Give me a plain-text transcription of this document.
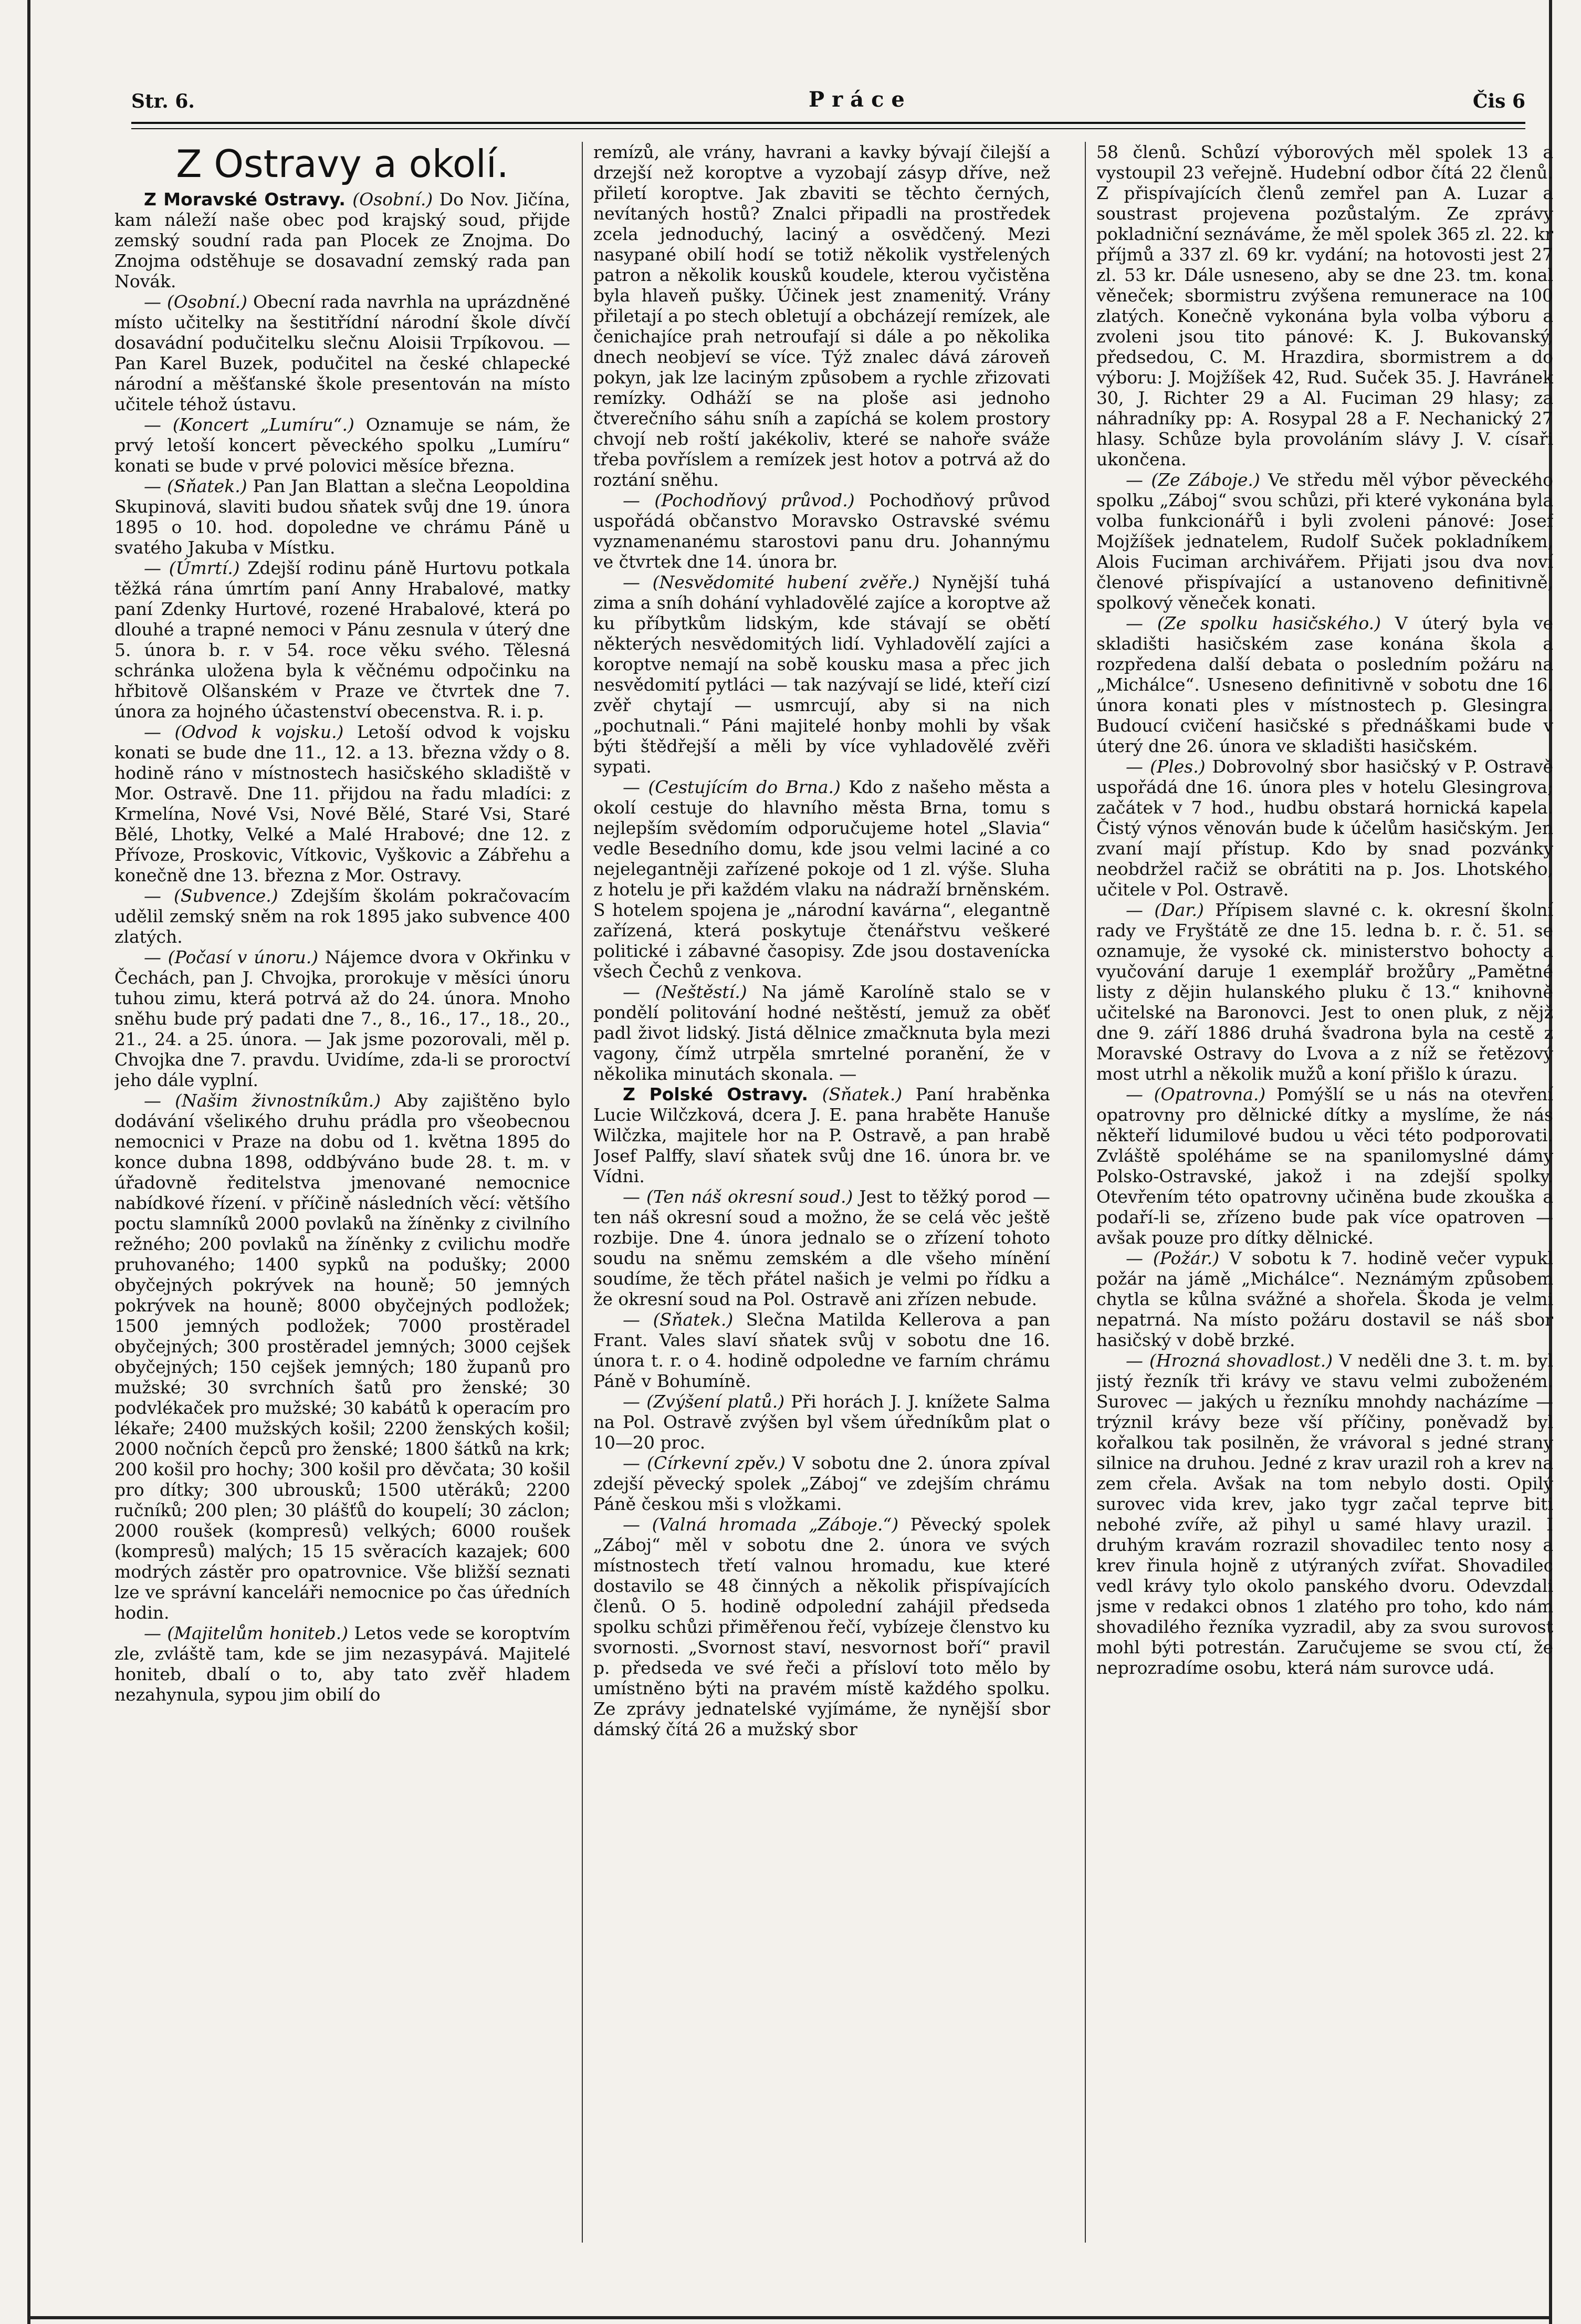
Str. 6.	Práce	Čis 6
Z Ostravy a okolí.

Z Moravské Ostravy. (Osobní.) Do Nov. Jičína, kam náleží naše obec pod krajský soud, přijde zemský soudní rada pan Plocek ze Znojma. Do Znojma odstěhuje se dosavadní zemský rada pan Novák.

— (Osobní.) Obecní rada navrhla na uprázdněné místo učitelky na šestitřídní národní škole dívčí dosavádní podučitelku slečnu Aloisii Trpíkovou. — Pan Karel Buzek, podučitel na české chlapecké národní a měšťanské škole presentován na místo učitele téhož ústavu.

— (Koncert „Lumíru“.) Oznamuje se nám, že prvý letoší koncert pěveckého spolku „Lumíru“ konati se bude v prvé polovici měsíce března.

— (Sňatek.) Pan Jan Blattan a slečna Leopoldina Skupinová, slaviti budou sňatek svůj dne 19. února 1895 o 10. hod. dopoledne ve chrámu Páně u svatého Jakuba v Místku.

— (Úmrtí.) Zdejší rodinu páně Hurtovu potkala těžká rána úmrtím paní Anny Hrabalové, matky paní Zdenky Hurtové, rozené Hrabalové, která po dlouhé a trapné nemoci v Pánu zesnula v úterý dne 5. února b. r. v 54. roce věku svého. Tělesná schránka uložena byla k věčnému odpočinku na hřbitově Olšanském v Praze ve čtvrtek dne 7. února za hojného účastenství obecenstva. R. i. p.

— (Odvod k vojsku.) Letoší odvod k vojsku konati se bude dne 11., 12. a 13. března vždy o 8. hodině ráno v místnostech hasičského skladiště v Mor. Ostravě. Dne 11. přijdou na řadu mladíci: z Krmelína, Nové Vsi, Nové Bělé, Staré Vsi, Staré Bělé, Lhotky, Velké a Malé Hrabové; dne 12. z Přívoze, Proskovic, Vítkovic, Vyškovic a Zábřehu a konečně dne 13. března z Mor. Ostravy.

— (Subvence.) Zdejším školám pokračovacím udělil zemský sněm na rok 1895 jako subvence 400 zlatých.

— (Počasí v únoru.) Nájemce dvora v Okřinku v Čechách, pan J. Chvojka, prorokuje v měsíci únoru tuhou zimu, která potrvá až do 24. února. Mnoho sněhu bude prý padati dne 7., 8., 16., 17., 18., 20., 21., 24. a 25. února. — Jak jsme pozorovali, měl p. Chvojka dne 7. pravdu. Uvidíme, zda-li se proroctví jeho dále vyplní.

— (Našim živnostníkům.) Aby zajištěno bylo dodávání všeliкého druhu prádla pro všeobecnou nemocnici v Praze na dobu od 1. května 1895 do konce dubna 1898, oddbýváno bude 28. t. m. v úřadovně ředitelstva jmenované nemocnice nabídkové řízení. v příčině následních věcí: většího poctu slamníků 2000 povlaků na žíněnky z civilního režného; 200 povlaků na žíněnky z cvilichu modře pruhovaného; 1400 sypků na podušky; 2000 obyčejných pokrývek na houně; 50 jemných pokrývek na houně; 8000 obyčejných podložek; 1500 jemných podložek; 7000 prostěradel obyčejných; 300 prostěradel jemných; 3000 cejšek obyčejných; 150 cejšek jemných; 180 županů pro mužské; 30 svrchních šatů pro ženské; 30 podvlékaček pro mužské; 30 kabátů k operacím pro lékaře; 2400 mužských košil; 2200 ženských košil; 2000 nočních čepců pro ženské; 1800 šátků na krk; 200 košil pro hochy; 300 košil pro děvčata; 30 košil pro dítky; 300 ubrousků; 1500 utěráků; 2200 ručníků; 200 plen; 30 plášťů do koupelí; 30 záclon; 2000 roušek (kompresů) velkých; 6000 roušek (kompresů) malých; 15 15 svěracích kazajek; 600 modrých zástěr pro opatrovnice. Vše bližší seznati lze ve správní kanceláři nemocnice po čas úředních hodin.

— (Majitelům honiteb.) Letos vede se koroptvím zle, zvláště tam, kde se jim nezasypává. Majitelé honiteb, dbalí o to, aby tato zvěř hladem nezahynula, sypou jim obilí do

remízů, ale vrány, havrani a kavky bývají čilejší a drzejší než koroptve a vyzobají zásyp dříve, než přiletí koroptve. Jak zbaviti se těchto černých, nevítaných hostů? Znalci připadli na prostředek zcela jednoduchý, laciný a osvědčený. Mezi nasypané obilí hodí se totiž několik vystřelených patron a několik kousků koudele, kterou vyčistěna byla hlaveň pušky. Účinek jest znamenitý. Vrány přiletají a po stech obletují a obcházejí remízek, ale čenichajíce prah netroufají si dále a po několika dnech neobjeví se více. Týž znalec dává zároveň pokyn, jak lze laciným způsobem a rychle zřizovati remízky. Odháží se na ploše asi jednoho čtverečního sáhu sníh a zapíchá se kolem prostory chvojí neb roští jakékoliv, které se nahoře sváže třeba povříslem a remízek jest hotov a potrvá až do roztání sněhu.

— (Pochodňový průvod.) Pochodňový průvod uspořádá občanstvo Moravsko Ostravské svému vyznamenanému starostovi panu dru. Johannýmu ve čtvrtek dne 14. února br.

— (Nesvědomité hubení zvěře.) Nynější tuhá zima a sníh dohání vyhladovělé zajíce a koroptve až ku příbytkům lidským, kde stávají se obětí některých nesvědomitých lidí. Vyhladovělí zajíci a koroptve nemají na sobě kousku masa a přec jich nesvědomití pytláci — tak nazývají se lidé, kteří cizí zvěř chytají — usmrcují, aby si na nich „pochutnali.“ Páni majitelé honby mohli by však býti štědřejší a měli by více vyhladovělé zvěři sypati.

— (Cestujícím do Brna.) Kdo z našeho města a okolí cestuje do hlavního města Brna, tomu s nejlepším svědomím odporučujeme hotel „Slavia“ vedle Besedního domu, kde jsou velmi laciné a co nejelegantněji zařízené pokoje od 1 zl. výše. Sluha z hotelu je při každém vlaku na nádraží brněnském. S hotelem spojena je „národní kavárna“, elegantně zařízená, která poskytuje čtenářstvu veškeré politické i zábavné časopisy. Zde jsou dostavenícka všech Čechů z venkova.

— (Neštěstí.) Na jámě Karolíně stalo se v pondělí politování hodné neštěstí, jemuž za oběť padl život lidský. Jistá dělnice zmačknuta byla mezi vagony, čímž utrpěla smrtelné poranění, že v několika minutách skonala. —

Z Polské Ostravy. (Sňatek.) Paní hraběnka Lucie Wilčzková, dcera J. E. pana hraběte Hanuše Wilčzka, majitele hor na P. Ostravě, a pan hrabě Josef Palffy, slaví sňatek svůj dne 16. února br. ve Vídni.

— (Ten náš okresní soud.) Jest to těžký porod — ten náš okresní soud a možno, že se celá věc ještě rozbije. Dne 4. února jednalo se o zřízení tohoto soudu na sněmu zemském a dle všeho mínění soudíme, že těch přátel našich je velmi po řídku a že okresní soud na Pol. Ostravě ani zřízen nebude.

— (Sňatek.) Slečna Matilda Kellerova a pan Frant. Vales slaví sňatek svůj v sobotu dne 16. února t. r. o 4. hodině odpoledne ve farním chrámu Páně v Bohumíně.

— (Zvýšení platů.) Při horách J. J. knížete Salma na Pol. Ostravě zvýšen byl všem úředníkům plat o 10—20 proc.

— (Církevní zpěv.) V sobotu dne 2. února zpíval zdejší pěvecký spolek „Záboj“ ve zdejším chrámu Páně českou mši s vložkami.

— (Valná hromada „Záboje.“) Pěvecký spolek „Záboj“ měl v sobotu dne 2. února ve svých místnostech třetí valnou hromadu, kue které dostavilo se 48 činných a několik přispívajících členů. O 5. hodině odpolední zahájil předseda spolku schůzi přiměřenou řečí, vybízeje členstvo ku svornosti. „Svornost staví, nesvornost boří“ pravil p. předseda ve své řeči a přísloví toto mělo by umístněno býti na pravém místě každého spolku. Ze zprávy jednatelské vyjímáme, že nynější sbor dámský čítá 26 a mužský sbor

58 členů. Schůzí výborových měl spolek 13 a vystoupil 23 veřejně. Hudební odbor čítá 22 členů. Z přispívajících členů zemřel pan A. Luzar a soustrast projevena pozůstalým. Ze zprávy pokladniční seznáváme, že měl spolek 365 zl. 22. kr příjmů a 337 zl. 69 kr. vydání; na hotovosti jest 27 zl. 53 kr. Dále usneseno, aby se dne 23. tm. konal věneček; sbormistru zvýšena remunerace na 100 zlatých. Konečně vykonána byla volba výboru a zvoleni jsou tito pánové: K. J. Bukovanský, předsedou, C. M. Hrazdira, sbormistrem a do výboru: J. Mojžíšek 42, Rud. Suček 35. J. Havránek 30, J. Richter 29 a Al. Fuciman 29 hlasy; za náhradníky pp: A. Rosypal 28 a F. Nechanický 27 hlasy. Schůze byla provoláním slávy J. V. císaři ukončena.

— (Ze Záboje.) Ve středu měl výbor pěveckého spolku „Záboj“ svou schůzi, při které vykonána byla volba funkcionářů i byli zvoleni pánové: Josef Mojžíšek jednatelem, Rudolf Suček pokladníkem, Alois Fuciman archivářem. Přijati jsou dva noví členové přispívající a ustanoveno definitivně, spolkový věneček konati.

— (Ze spolku hasičského.) V úterý byla ve skladišti hasičském zase konána škola a rozpředena další debata o posledním požáru na „Michálce“. Usneseno definitivně v sobotu dne 16. února konati ples v místnostech p. Glesingra. Budoucí cvičení hasičské s přednáškami bude v úterý dne 26. února ve skladišti hasičském.

— (Ples.) Dobrovolný sbor hasičský v P. Ostravě uspořádá dne 16. února ples v hotelu Glesingrova; začátek v 7 hod., hudbu obstará hornická kapela. Čistý výnos věnován bude k účelům hasičským. Jen zvaní mají přístup. Kdo by snad pozvánky neobdržel račiž se obrátiti na p. Jos. Lhotského, učitele v Pol. Ostravě.

— (Dar.) Přípisem slavné c. k. okresní školní rady ve Fryštátě ze dne 15. ledna b. r. č. 51. se oznamuje, že vysoké ck. ministerstvo bohocty a vyučování daruje 1 exemplář brožůry „Pamětné listy z dějin hulanského pluku č 13.“ knihovně učitelské na Baronovci. Jest to onen pluk, z nějž dne 9. září 1886 druhá švadrona byla na cestě z Moravské Ostravy do Lvova a z níž se řetězový most utrhl a několik mužů a koní přišlo k úrazu.

— (Opatrovna.) Pomýšlí se u nás na otevření opatrovny pro dělnické dítky a myslíme, že nás někteří lidumilové budou u věci této podporovati. Zvláště spoléháme se na spanilomyslné dámy Polsko-Ostravské, jakož i na zdejší spolky. Otevřením této opatrovny učiněna bude zkouška a podaří-li se, zřízeno bude pak více opatroven — avšak pouze pro dítky dělnické.

— (Požár.) V sobotu k 7. hodině večer vypukl požár na jámě „Michálce“. Neznámým způsobem chytla se kůlna svážné a shořela. Škoda je velmi nepatrná. Na místo požáru dostavil se náš sbor hasičský v době brzké.

— (Hrozná shovadlost.) V neděli dne 3. t. m. byl jistý řezník tři krávy ve stavu velmi zuboženém. Surovec — jakých u řezníku mnohdy nacházíme — trýznil krávy beze vší příčiny, poněvadž byl kořalkou tak posilněn, že vrávoral s jedné strany silnice na druhou. Jedné z krav urazil roh a krev na zem cřela. Avšak na tom nebylo dosti. Opilý surovec vida krev, jako tygr začal teprve biti nebohé zvíře, až pihyl u samé hlavy urazil. I druhým kravám rozrazil shovadilec tento nosy a krev řinula hojně z utýraných zvířat. Shovadilec vedl krávy tylo okolo panského dvoru. Odevzdali jsme v redakci obnos 1 zlatého pro toho, kdo nám shovadilého řezníka vyzradil, aby za svou surovost mohl býti potrestán. Zaručujeme se svou ctí, že neprozradíme osobu, která nám surovce udá.
